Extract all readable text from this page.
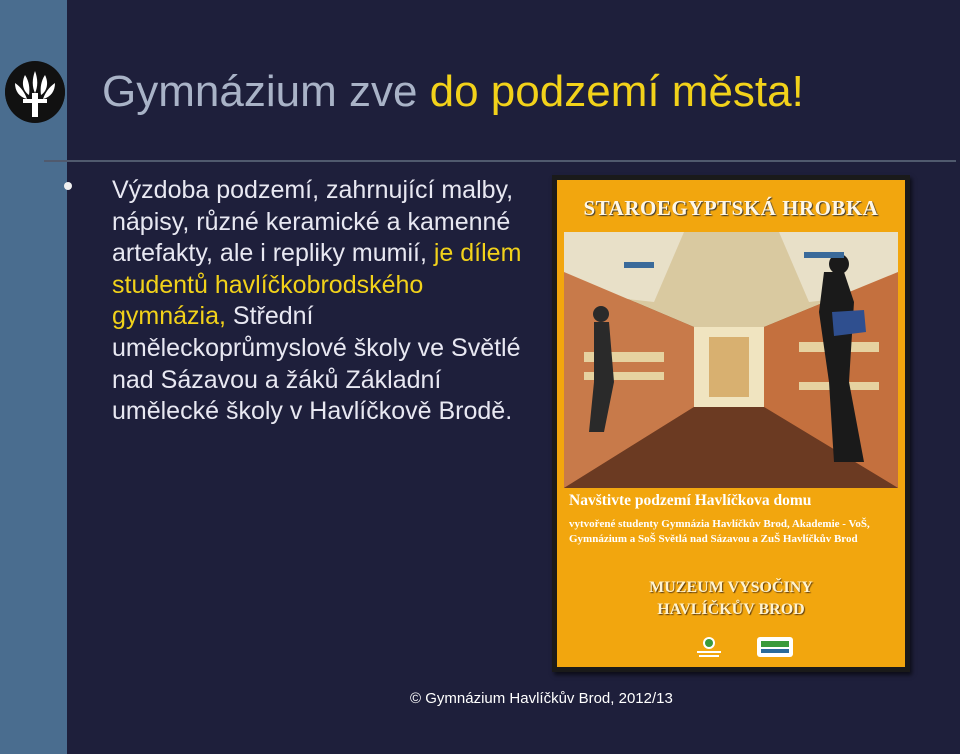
Gymnázium zve do podzemí města!
Výzdoba podzemí, zahrnující malby, nápisy, různé keramické a kamenné artefakty, ale i repliky mumií, je dílem studentů havlíčkobrodského gymnázia, Střední uměleckoprůmyslové školy ve Světlé nad Sázavou a žáků Základní umělecké školy v Havlíčkově Brodě.
STAROEGYPTSKÁ HROBKA
Navštivte podzemí Havlíčkova domu
vytvořené studenty Gymnázia Havlíčkův Brod, Akademie - VoŠ, Gymnázium a SoŠ Světlá nad Sázavou a ZuŠ Havlíčkův Brod
MUZEUM VYSOČINY
HAVLÍČKŮV BROD
© Gymnázium Havlíčkův Brod, 2012/13
